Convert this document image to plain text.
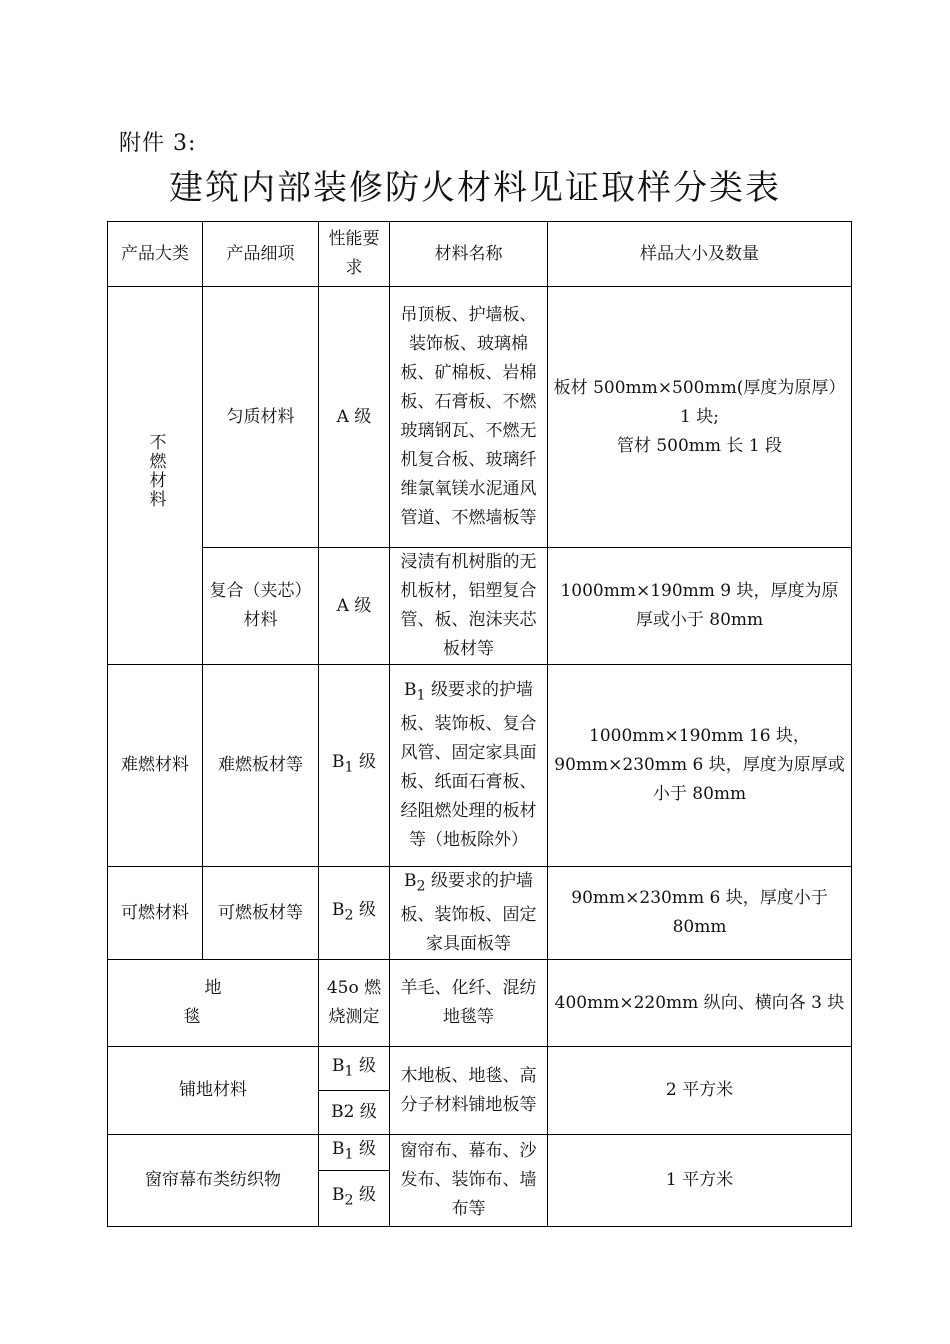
附件 3:
建筑内部装修防火材料见证取样分类表
产品大类	产品细项	性能要求	材料名称	样品大小及数量
不燃材料	匀质材料	A 级	吊顶板、护墙板、装饰板、玻璃棉板、矿棉板、岩棉板、石膏板、不燃玻璃钢瓦、不燃无机复合板、玻璃纤维氯氧镁水泥通风管道、不燃墙板等	板材 500mm×500mm(厚度为原厚）1 块;
管材 500mm 长 1 段

	复合（夹芯）材料	A 级	浸渍有机树脂的无机板材，铝塑复合管、板、泡沫夹芯板材等	1000mm×190mm 9 块，厚度为原厚或小于 80mm
难燃材料	难燃板材等	$B_1$ 级	$B_1$ 级要求的护墙板、装饰板、复合风管、固定家具面板、纸面石膏板、经阻燃处理的板材等（地板除外）	1000mm×190mm 16 块，90mm×230mm 6 块，厚度为原厚或小于 80mm
可燃材料	可燃板材等	$B_2$ 级	$B_2$ 级要求的护墙板、装饰板、固定家具面板等	90mm×230mm 6 块，厚度小于 80mm
地 毯		45o 燃烧测定	羊毛、化纤、混纺地毯等	400mm×220mm 纵向、横向各 3 块
铺地材料		$B_1$ 级	木地板、地毯、高分子材料铺地板等	2 平方米
		B2 级		
窗帘幕布类纺织物		$B_1$ 级	窗帘布、幕布、沙发布、装饰布、墙布等	1 平方米
		$B_2$ 级		
